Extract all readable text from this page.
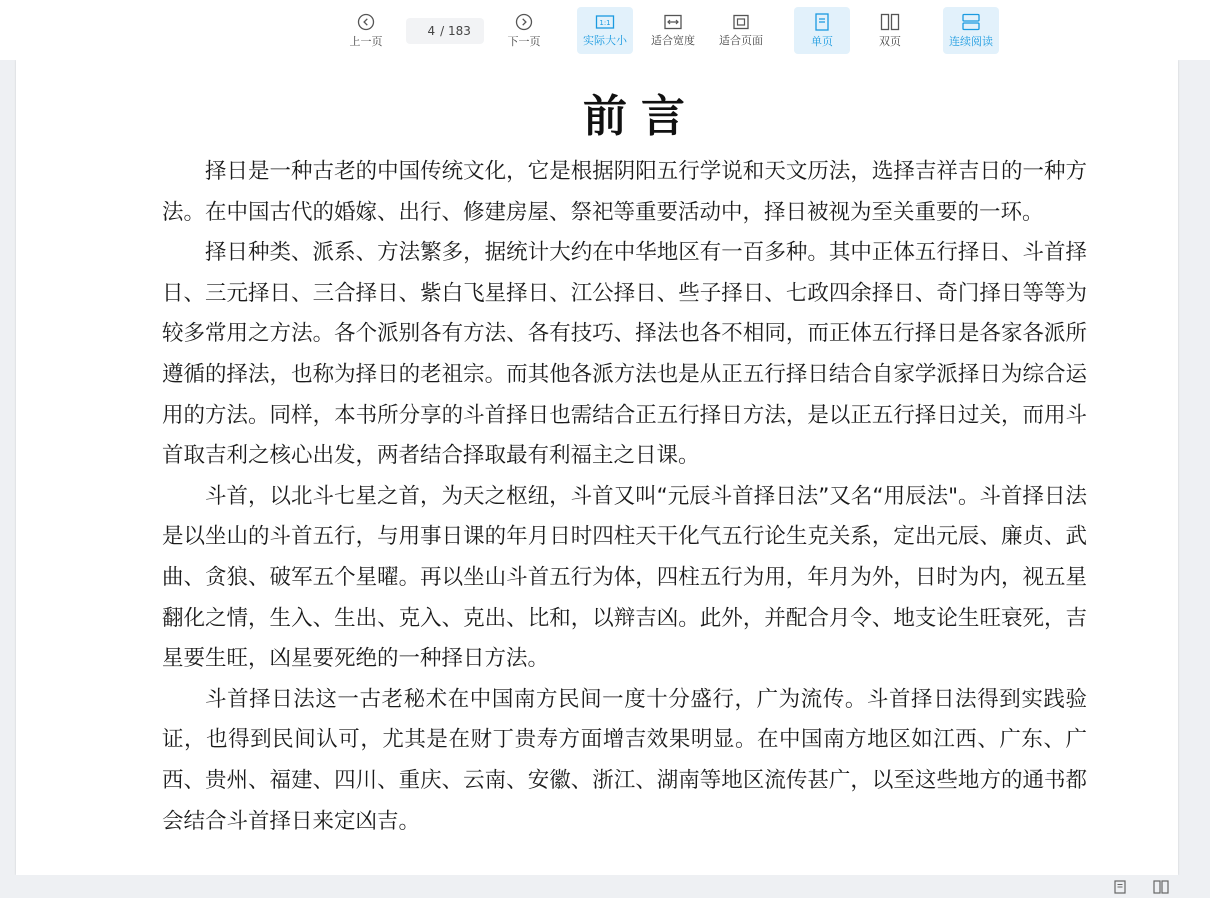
上一页
4
/ 183
下一页
1:1
实际大小 适合宽度 适合页面	单页	双页	连续阅读
前言

择日是一种古老的中国传统文化，它是根据阴阳五行学说和天文历法，选择吉祥吉日的一种方法。在中国古代的婚嫁、出行、修建房屋、祭祀等重要活动中，择日被视为至关重要的一环。

择日种类、派系、方法繁多，据统计大约在中华地区有一百多种。其中正体五行择日、斗首择日、三元择日、三合择日、紫白飞星择日、江公择日、些子择日、七政四余择日、奇门择日等等为较多常用之方法。各个派别各有方法、各有技巧、择法也各不相同，而正体五行择日是各家各派所遵循的择法，也称为择日的老祖宗。而其他各派方法也是从正五行择日结合自家学派择日为综合运用的方法。同样，本书所分享的斗首择日也需结合正五行择日方法，是以正五行择日过关，而用斗首取吉利之核心出发，两者结合择取最有利福主之日课。

斗首，以北斗七星之首，为天之枢纽，斗首又叫“元辰斗首择日法”又名“用辰法"。斗首择日法是以坐山的斗首五行，与用事日课的年月日时四柱天干化气五行论生克关系，定出元辰、廉贞、武曲、贪狼、破军五个星曜。再以坐山斗首五行为体，四柱五行为用，年月为外，日时为内，视五星翻化之情，生入、生出、克入、克出、比和，以辩吉凶。此外，并配合月令、地支论生旺衰死，吉星要生旺，凶星要死绝的一种择日方法。

斗首择日法这一古老秘术在中国南方民间一度十分盛行，广为流传。斗首择日法得到实践验证，也得到民间认可，尤其是在财丁贵寿方面增吉效果明显。在中国南方地区如江西、广东、广西、贵州、福建、四川、重庆、云南、安徽、浙江、湖南等地区流传甚广，以至这些地方的通书都会结合斗首择日来定凶吉。
